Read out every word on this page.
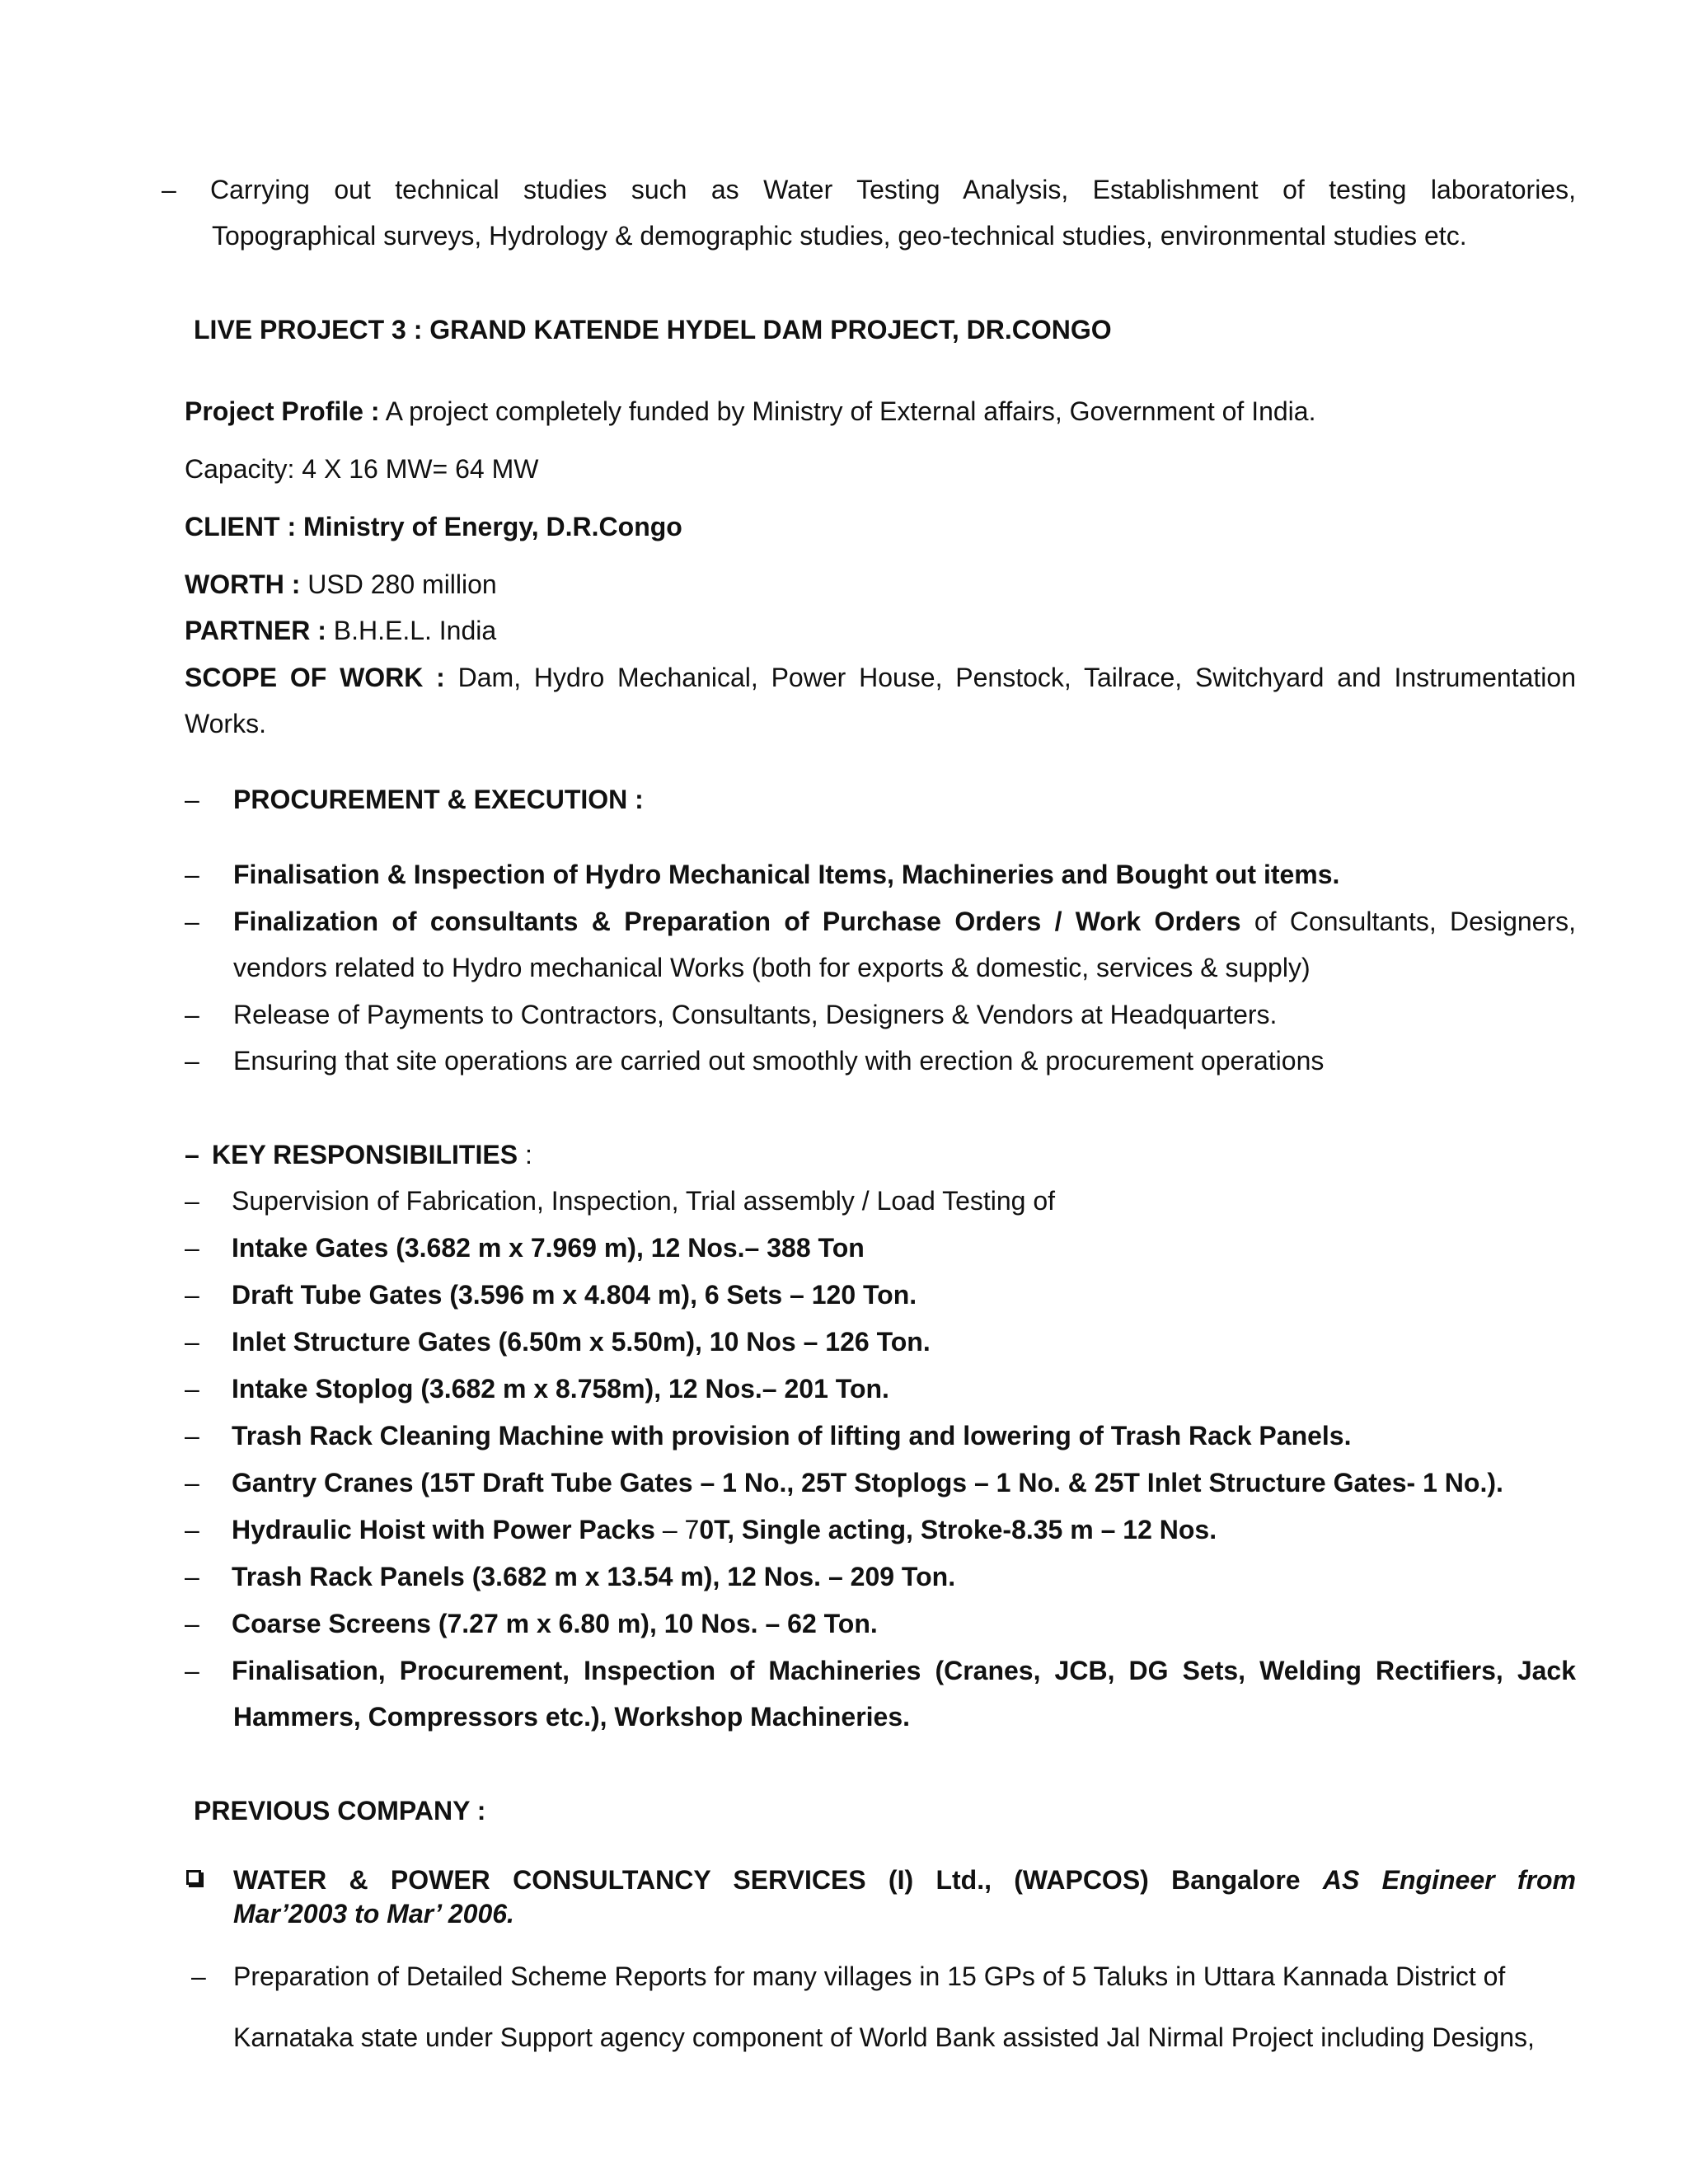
– Carrying out technical studies such as Water Testing Analysis, Establishment of testing laboratories,
Topographical surveys, Hydrology & demographic studies, geo-technical studies, environmental studies etc.
LIVE PROJECT 3 : GRAND KATENDE HYDEL DAM PROJECT, DR.CONGO
Project Profile : A project completely funded by Ministry of External affairs, Government of India.
Capacity: 4 X 16 MW= 64 MW
CLIENT : Ministry of Energy, D.R.Congo
WORTH : USD 280 million
PARTNER : B.H.E.L. India
SCOPE OF WORK : Dam, Hydro Mechanical, Power House, Penstock, Tailrace, Switchyard and Instrumentation
Works.
– PROCUREMENT & EXECUTION :
– Finalisation & Inspection of Hydro Mechanical Items, Machineries and Bought out items.
– Finalization of consultants & Preparation of Purchase Orders / Work Orders of Consultants, Designers,
vendors related to Hydro mechanical Works (both for exports & domestic, services & supply)
– Release of Payments to Contractors, Consultants, Designers & Vendors at Headquarters.
– Ensuring that site operations are carried out smoothly with erection & procurement operations
– KEY RESPONSIBILITIES :
– Supervision of Fabrication, Inspection, Trial assembly / Load Testing of
– Intake Gates (3.682 m x 7.969 m), 12 Nos.– 388 Ton
– Draft Tube Gates (3.596 m x 4.804 m), 6 Sets – 120 Ton.
– Inlet Structure Gates (6.50m x 5.50m), 10 Nos – 126 Ton.
– Intake Stoplog (3.682 m x 8.758m), 12 Nos.– 201 Ton.
– Trash Rack Cleaning Machine with provision of lifting and lowering of Trash Rack Panels.
– Gantry Cranes (15T Draft Tube Gates – 1 No., 25T Stoplogs – 1 No. & 25T Inlet Structure Gates- 1 No.).
– Hydraulic Hoist with Power Packs – 70T, Single acting, Stroke-8.35 m – 12 Nos.
– Trash Rack Panels (3.682 m x 13.54 m), 12 Nos. – 209 Ton.
– Coarse Screens (7.27 m x 6.80 m), 10 Nos. – 62 Ton.
– Finalisation, Procurement, Inspection of Machineries (Cranes, JCB, DG Sets, Welding Rectifiers, Jack
Hammers, Compressors etc.), Workshop Machineries.
PREVIOUS COMPANY :
WATER & POWER CONSULTANCY SERVICES (I) Ltd., (WAPCOS) Bangalore AS Engineer from
Mar’2003 to Mar’ 2006.
– Preparation of Detailed Scheme Reports for many villages in 15 GPs of 5 Taluks in Uttara Kannada District of
Karnataka state under Support agency component of World Bank assisted Jal Nirmal Project including Designs,
